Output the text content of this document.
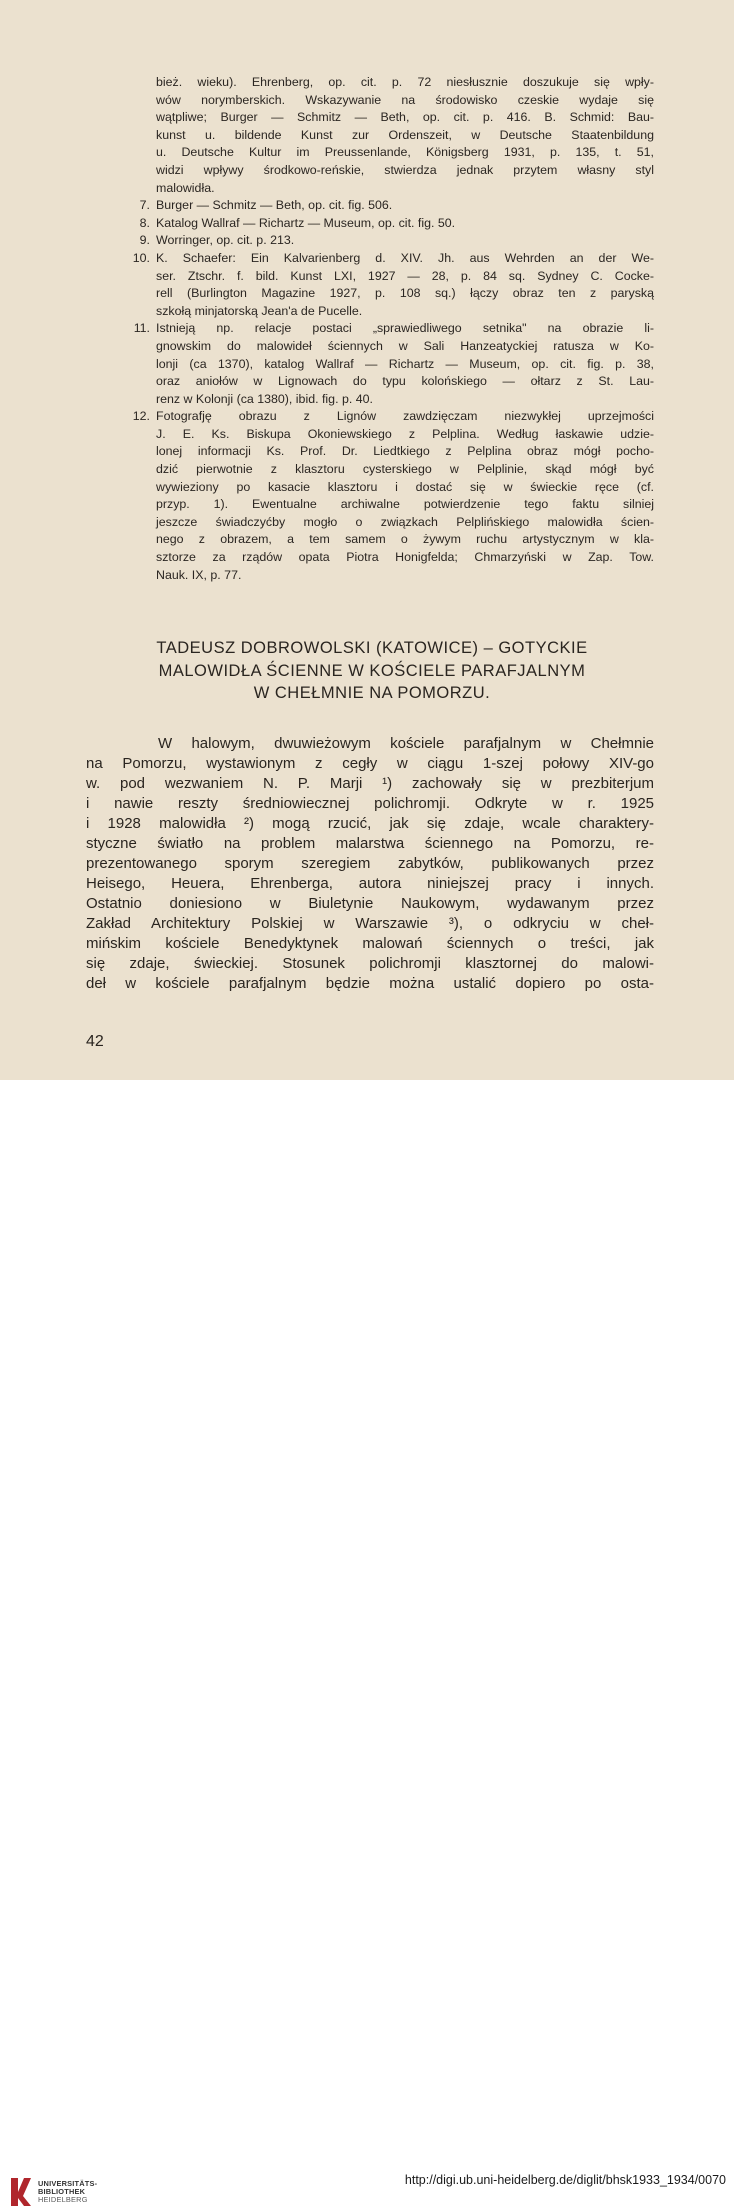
bież. wieku). Ehrenberg, op. cit. p. 72 niesłusznie doszukuje się wpły-
wów norymberskich. Wskazywanie na środowisko czeskie wydaje się
wątpliwe; Burger — Schmitz — Beth, op. cit. p. 416. B. Schmid: Bau-
kunst u. bildende Kunst zur Ordenszeit, w Deutsche Staatenbildung
u. Deutsche Kultur im Preussenlande, Königsberg 1931, p. 135, t. 51,
widzi wpływy środkowo-reńskie, stwierdza jednak przytem własny styl
malowidła.
7. Burger — Schmitz — Beth, op. cit. fig. 506.
8. Katalog Wallraf — Richartz — Museum, op. cit. fig. 50.
9. Worringer, op. cit. p. 213.
10. K. Schaefer: Ein Kalvarienberg d. XIV. Jh. aus Wehrden an der We-
ser. Ztschr. f. bild. Kunst LXI, 1927 — 28, p. 84 sq. Sydney C. Cocke-
rell (Burlington Magazine 1927, p. 108 sq.) łączy obraz ten z paryską
szkołą minjatorską Jean'a de Pucelle.
11. Istnieją np. relacje postaci „sprawiedliwego setnika" na obrazie li-
gnowskim do malowideł ściennych w Sali Hanzeatyckiej ratusza w Ko-
lonji (ca 1370), katalog Wallraf — Richartz — Museum, op. cit. fig. p. 38,
oraz aniołów w Lignowach do typu kolońskiego — ołtarz z St. Lau-
renz w Kolonji (ca 1380), ibid. fig. p. 40.
12. Fotografję obrazu z Lignów zawdzięczam niezwykłej uprzejmości
J. E. Ks. Biskupa Okoniewskiego z Pelplina. Według łaskawie udzie-
lonej informacji Ks. Prof. Dr. Liedtkiego z Pelplina obraz mógł pocho-
dzić pierwotnie z klasztoru cysterskiego w Pelplinie, skąd mógł być
wywieziony po kasacie klasztoru i dostać się w świeckie ręce (cf.
przyp. 1). Ewentualne archiwalne potwierdzenie tego faktu silniej
jeszcze świadczyćby mogło o związkach Pelplińskiego malowidła ścien-
nego z obrazem, a tem samem o żywym ruchu artystycznym w kla-
sztorze za rządów opata Piotra Honigfelda; Chmarzyński w Zap. Tow.
Nauk. IX, p. 77.
TADEUSZ DOBROWOLSKI (KATOWICE) – GOTYCKIE
MALOWIDŁA ŚCIENNE W KOŚCIELE PARAFJALNYM
W CHEŁMNIE NA POMORZU.
W halowym, dwuwieżowym kościele parafjalnym w Chełmnie
na Pomorzu, wystawionym z cegły w ciągu 1-szej połowy XIV-go
w. pod wezwaniem N. P. Marji ¹) zachowały się w prezbiterjum
i nawie reszty średniowiecznej polichromji. Odkryte w r. 1925
i 1928 malowidła ²) mogą rzucić, jak się zdaje, wcale charaktery-
styczne światło na problem malarstwa ściennego na Pomorzu, re-
prezentowanego sporym szeregiem zabytków, publikowanych przez
Heisego, Heuera, Ehrenberga, autora niniejszej pracy i innych.
Ostatnio doniesiono w Biuletynie Naukowym, wydawanym przez
Zakład Architektury Polskiej w Warszawie ³), o odkryciu w cheł-
mińskim kościele Benedyktynek malowań ściennych o treści, jak
się zdaje, świeckiej. Stosunek polichromji klasztornej do malowi-
deł w kościele parafjalnym będzie można ustalić dopiero po osta-
42
UNIVERSITÄTS-
BIBLIOTHEK
HEIDELBERG
http://digi.ub.uni-heidelberg.de/diglit/bhsk1933_1934/0070
